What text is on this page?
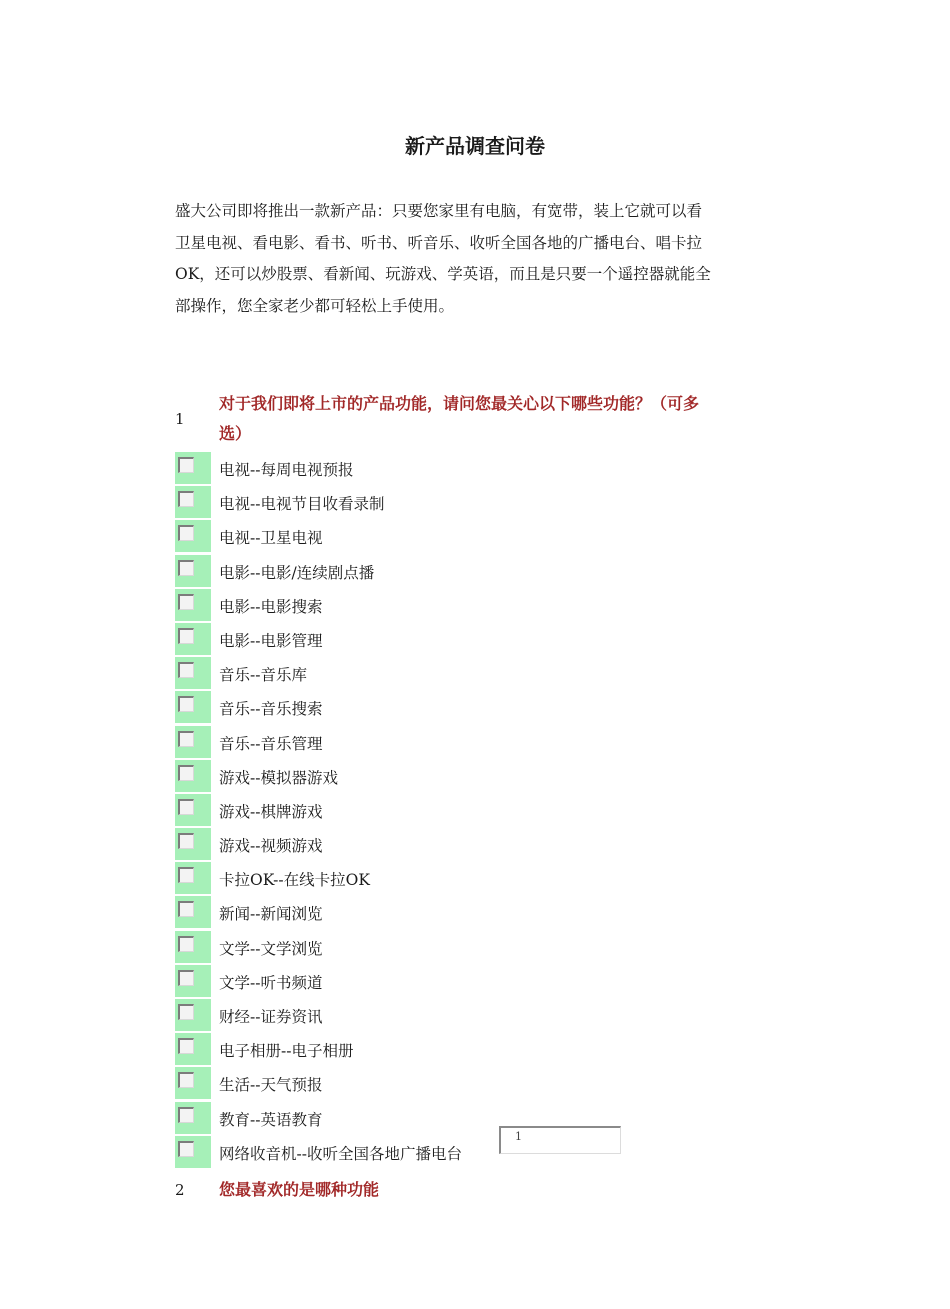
新产品调查问卷
盛大公司即将推出一款新产品：只要您家里有电脑，有宽带，装上它就可以看
卫星电视、看电影、看书、听书、听音乐、收听全国各地的广播电台、唱卡拉
OK，还可以炒股票、看新闻、玩游戏、学英语，而且是只要一个遥控器就能全
部操作，您全家老少都可轻松上手使用。
1
对于我们即将上市的产品功能，请问您最关心以下哪些功能？（可多
选）
电视--每周电视预报
电视--电视节目收看录制
电视--卫星电视
电影--电影/连续剧点播
电影--电影搜索
电影--电影管理
音乐--音乐库
音乐--音乐搜索
音乐--音乐管理
游戏--模拟器游戏
游戏--棋牌游戏
游戏--视频游戏
卡拉OK--在线卡拉OK
新闻--新闻浏览
文学--文学浏览
文学--听书频道
财经--证券资讯
电子相册--电子相册
生活--天气预报
教育--英语教育
网络收音机--收听全国各地广播电台
1
2 您最喜欢的是哪种功能
